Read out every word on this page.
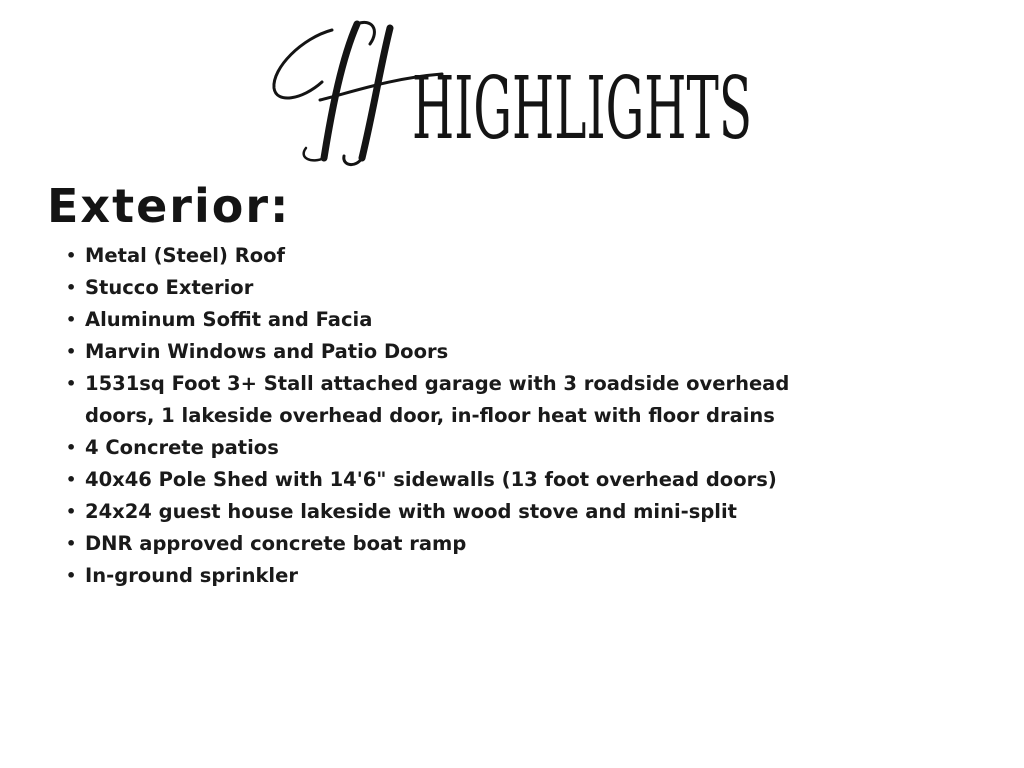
HIGHLIGHTS
Exterior:
• Metal (Steel) Roof
• Stucco Exterior
• Aluminum Soffit and Facia
• Marvin Windows and Patio Doors
• 1531sq Foot 3+ Stall attached garage with 3 roadside overhead
doors, 1 lakeside overhead door, in-floor heat with floor drains
• 4 Concrete patios
• 40x46 Pole Shed with 14'6" sidewalls (13 foot overhead doors)
• 24x24 guest house lakeside with wood stove and mini-split
• DNR approved concrete boat ramp
• In-ground sprinkler
